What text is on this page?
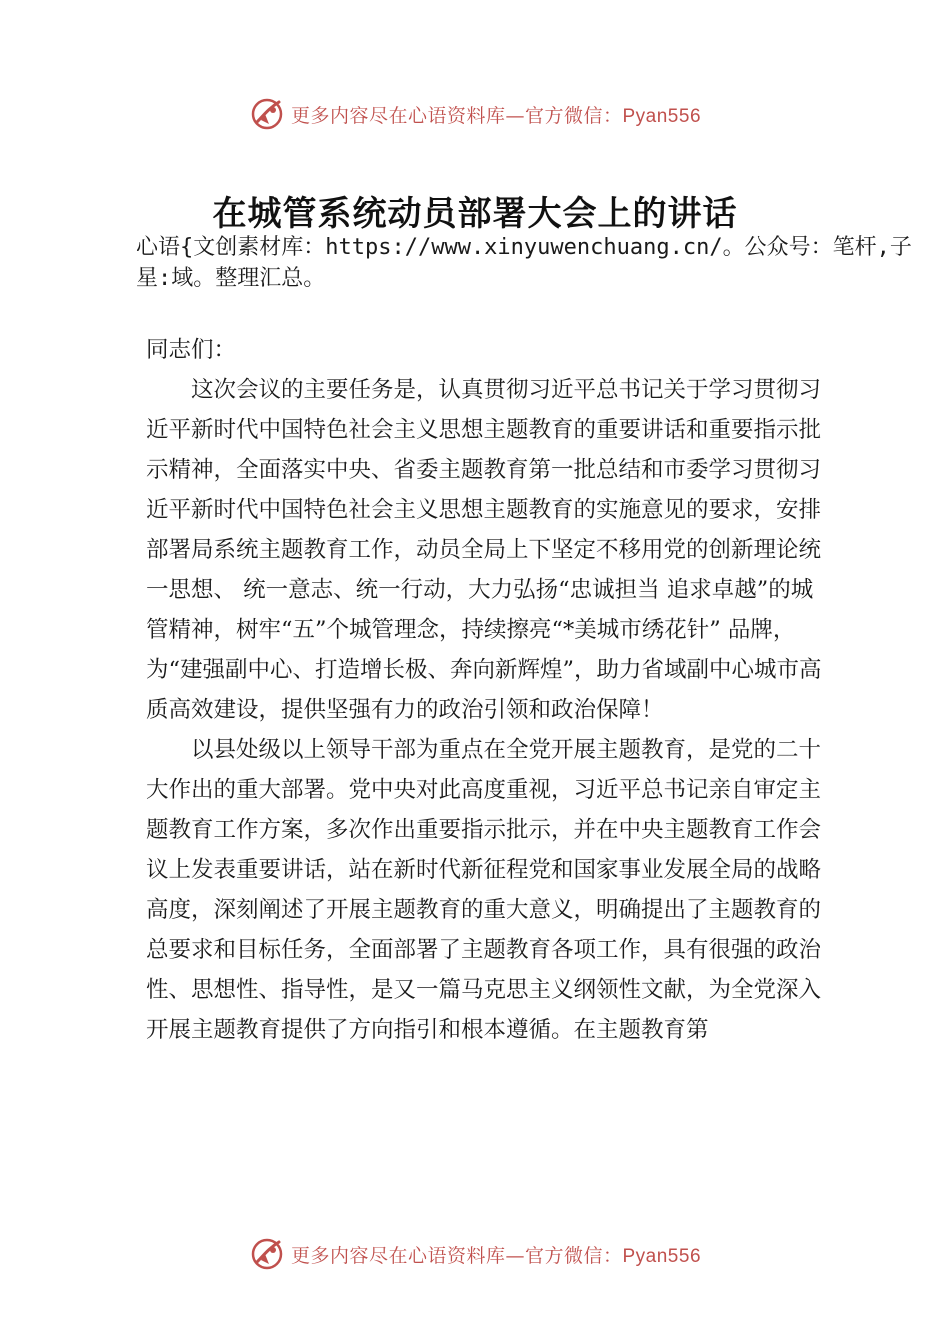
更多内容尽在心语资料库—官方微信：Pyan556
在城管系统动员部署大会上的讲话
心语{文创素材库：https://www.xinyuwenchuang.cn/。公众号：笔杆,子星:域。整理汇总。

同志们：

这次会议的主要任务是，认真贯彻习近平总书记关于学习贯彻习近平新时代中国特色社会主义思想主题教育的重要讲话和重要指示批示精神，全面落实中央、省委主题教育第一批总结和市委学习贯彻习近平新时代中国特色社会主义思想主题教育的实施意见的要求，安排部署局系统主题教育工作，动员全局上下坚定不移用党的创新理论统一思想、 统一意志、统一行动，大力弘扬“忠诚担当 追求卓越”的城管精神，树牢“五”个城管理念，持续擦亮“*美城市绣花针” 品牌，为“建强副中心、打造增长极、奔向新辉煌”，助力省域副中心城市高质高效建设，提供坚强有力的政治引领和政治保障！

以县处级以上领导干部为重点在全党开展主题教育，是党的二十大作出的重大部署。党中央对此高度重视，习近平总书记亲自审定主题教育工作方案，多次作出重要指示批示，并在中央主题教育工作会议上发表重要讲话，站在新时代新征程党和国家事业发展全局的战略高度，深刻阐述了开展主题教育的重大意义，明确提出了主题教育的总要求和目标任务，全面部署了主题教育各项工作，具有很强的政治性、思想性、指导性，是又一篇马克思主义纲领性文献，为全党深入开展主题教育提供了方向指引和根本遵循。在主题教育第

更多内容尽在心语资料库—官方微信：Pyan556
